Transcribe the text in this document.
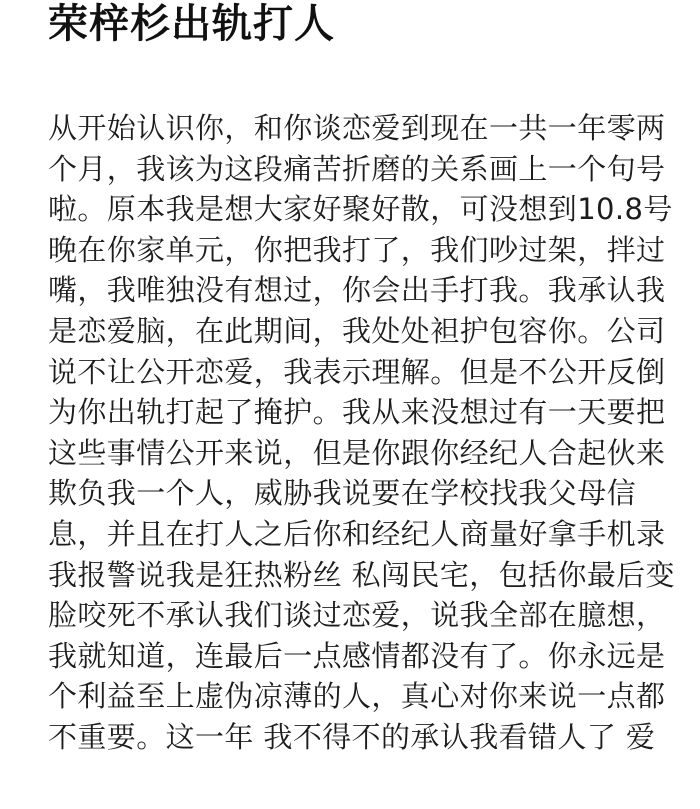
荣梓杉出轨打人
从开始认识你，和你谈恋爱到现在一共一年零两
个月，我该为这段痛苦折磨的关系画上一个句号
啦。原本我是想大家好聚好散，可没想到10.8号
晚在你家单元，你把我打了，我们吵过架，拌过
嘴，我唯独没有想过，你会出手打我。我承认我
是恋爱脑，在此期间，我处处袒护包容你。公司
说不让公开恋爱，我表示理解。但是不公开反倒
为你出轨打起了掩护。我从来没想过有一天要把
这些事情公开来说，但是你跟你经纪人合起伙来
欺负我一个人，威胁我说要在学校找我父母信
息，并且在打人之后你和经纪人商量好拿手机录
我报警说我是狂热粉丝 私闯民宅，包括你最后变
脸咬死不承认我们谈过恋爱，说我全部在臆想，
我就知道，连最后一点感情都没有了。你永远是
个利益至上虚伪凉薄的人，真心对你来说一点都
不重要。这一年 我不得不的承认我看错人了 爱
